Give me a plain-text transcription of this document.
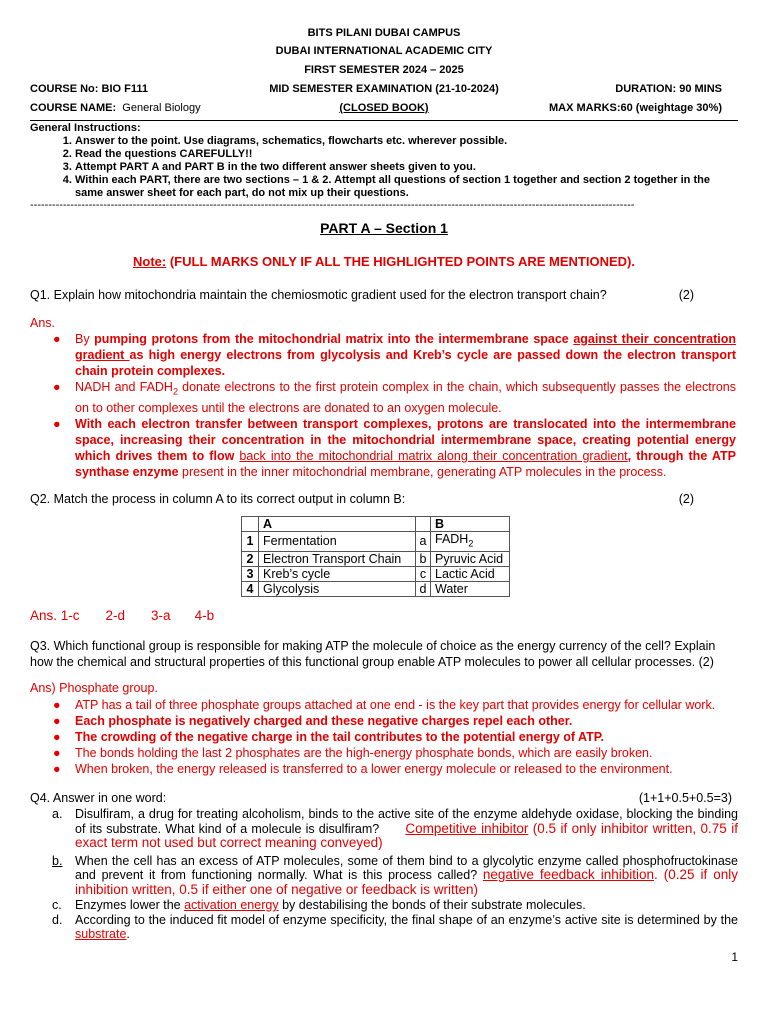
BITS PILANI DUBAI CAMPUS
DUBAI INTERNATIONAL ACADEMIC CITY
FIRST SEMESTER 2024 – 2025
COURSE No: BIO F111	MID SEMESTER EXAMINATION (21-10-2024)	DURATION: 90 MINS
COURSE NAME: General Biology	(CLOSED BOOK)	MAX MARKS:60 (weightage 30%)
General Instructions:
1. Answer to the point. Use diagrams, schematics, flowcharts etc. wherever possible.
2. Read the questions CAREFULLY!!
3. Attempt PART A and PART B in the two different answer sheets given to you.
4. Within each PART, there are two sections – 1 & 2. Attempt all questions of section 1 together and section 2 together in the same answer sheet for each part, do not mix up their questions.
---------------------------------------------------------------------------------------------------------------------------------------------------------------------
PART A – Section 1
Note: (FULL MARKS ONLY IF ALL THE HIGHLIGHTED POINTS ARE MENTIONED).
Q1. Explain how mitochondria maintain the chemiosmotic gradient used for the electron transport chain?	(2)
Ans.
● By pumping protons from the mitochondrial matrix into the intermembrane space against their concentration gradient as high energy electrons from glycolysis and Kreb’s cycle are passed down the electron transport chain protein complexes.
● NADH and $FADH_2$ donate electrons to the first protein complex in the chain, which subsequently passes the electrons on to other complexes until the electrons are donated to an oxygen molecule.
● With each electron transfer between transport complexes, protons are translocated into the intermembrane space, increasing their concentration in the mitochondrial intermembrane space, creating potential energy which drives them to flow back into the mitochondrial matrix along their concentration gradient, through the ATP synthase enzyme present in the inner mitochondrial membrane, generating ATP molecules in the process.
Q2. Match the process in column A to its correct output in column B:	(2)
	A		B
1	Fermentation	a	$FADH_2$
2	Electron Transport Chain	b	Pyruvic Acid
3	Kreb’s cycle	c	Lactic Acid
4	Glycolysis	d	Water
Ans. 1-c 2-d 3-a 4-b
Q3. Which functional group is responsible for making ATP the molecule of choice as the energy currency of the cell? Explain how the chemical and structural properties of this functional group enable ATP molecules to power all cellular processes. (2)
Ans) Phosphate group.
● ATP has a tail of three phosphate groups attached at one end - is the key part that provides energy for cellular work.
● Each phosphate is negatively charged and these negative charges repel each other.
● The crowding of the negative charge in the tail contributes to the potential energy of ATP.
● The bonds holding the last 2 phosphates are the high-energy phosphate bonds, which are easily broken.
● When broken, the energy released is transferred to a lower energy molecule or released to the environment.
Q4. Answer in one word:	(1+1+0.5+0.5=3)
a. Disulfiram, a drug for treating alcoholism, binds to the active site of the enzyme aldehyde oxidase, blocking the binding of its substrate. What kind of a molecule is disulfiram? Competitive inhibitor (0.5 if only inhibitor written, 0.75 if exact term not used but correct meaning conveyed)
b. When the cell has an excess of ATP molecules, some of them bind to a glycolytic enzyme called phosphofructokinase and prevent it from functioning normally. What is this process called? negative feedback inhibition. (0.25 if only inhibition written, 0.5 if either one of negative or feedback is written)
c. Enzymes lower the activation energy by destabilising the bonds of their substrate molecules.
d. According to the induced fit model of enzyme specificity, the final shape of an enzyme’s active site is determined by the substrate.
1
